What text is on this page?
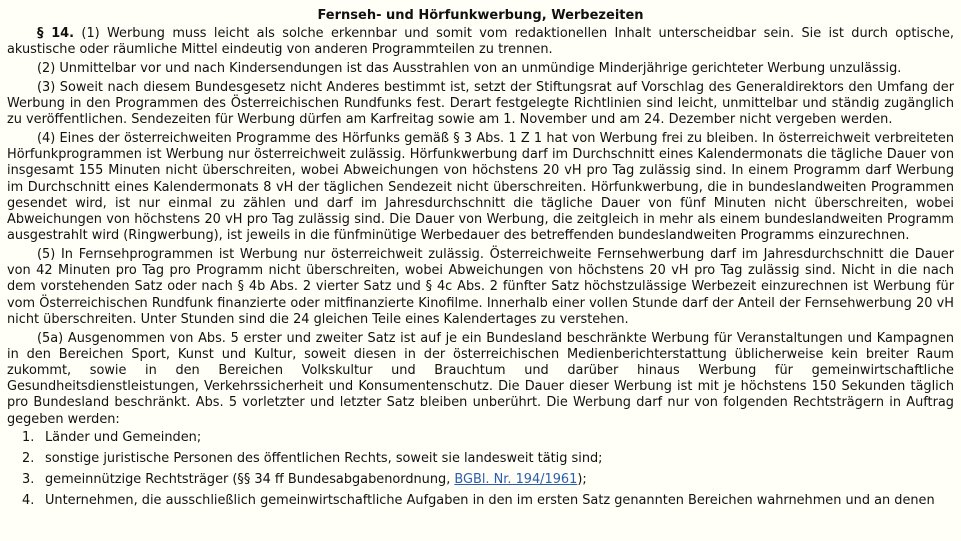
Fernseh- und Hörfunkwerbung, Werbezeiten

§ 14. (1) Werbung muss leicht als solche erkennbar und somit vom redaktionellen Inhalt unterscheidbar sein. Sie ist durch optische, akustische oder räumliche Mittel eindeutig von anderen Programmteilen zu trennen.

(2) Unmittelbar vor und nach Kindersendungen ist das Ausstrahlen von an unmündige Minderjährige gerichteter Werbung unzulässig.

(3) Soweit nach diesem Bundesgesetz nicht Anderes bestimmt ist, setzt der Stiftungsrat auf Vorschlag des Generaldirektors den Umfang der Werbung in den Programmen des Österreichischen Rundfunks fest. Derart festgelegte Richtlinien sind leicht, unmittelbar und ständig zugänglich zu veröffentlichen. Sendezeiten für Werbung dürfen am Karfreitag sowie am 1. November und am 24. Dezember nicht vergeben werden.

(4) Eines der österreichweiten Programme des Hörfunks gemäß § 3 Abs. 1 Z 1 hat von Werbung frei zu bleiben. In österreichweit verbreiteten Hörfunkprogrammen ist Werbung nur österreichweit zulässig. Hörfunkwerbung darf im Durchschnitt eines Kalendermonats die tägliche Dauer von insgesamt 155 Minuten nicht überschreiten, wobei Abweichungen von höchstens 20 vH pro Tag zulässig sind. In einem Programm darf Werbung im Durchschnitt eines Kalendermonats 8 vH der täglichen Sendezeit nicht überschreiten. Hörfunkwerbung, die in bundeslandweiten Programmen gesendet wird, ist nur einmal zu zählen und darf im Jahresdurchschnitt die tägliche Dauer von fünf Minuten nicht überschreiten, wobei Abweichungen von höchstens 20 vH pro Tag zulässig sind. Die Dauer von Werbung, die zeitgleich in mehr als einem bundeslandweiten Programm ausgestrahlt wird (Ringwerbung), ist jeweils in die fünfminütige Werbedauer des betreffenden bundeslandweiten Programms einzurechnen.

(5) In Fernsehprogrammen ist Werbung nur österreichweit zulässig. Österreichweite Fernsehwerbung darf im Jahresdurchschnitt die Dauer von 42 Minuten pro Tag pro Programm nicht überschreiten, wobei Abweichungen von höchstens 20 vH pro Tag zulässig sind. Nicht in die nach dem vorstehenden Satz oder nach § 4b Abs. 2 vierter Satz und § 4c Abs. 2 fünfter Satz höchstzulässige Werbezeit einzurechnen ist Werbung für vom Österreichischen Rundfunk finanzierte oder mitfinanzierte Kinofilme. Innerhalb einer vollen Stunde darf der Anteil der Fernsehwerbung 20 vH nicht überschreiten. Unter Stunden sind die 24 gleichen Teile eines Kalendertages zu verstehen.

(5a) Ausgenommen von Abs. 5 erster und zweiter Satz ist auf je ein Bundesland beschränkte Werbung für Veranstaltungen und Kampagnen in den Bereichen Sport, Kunst und Kultur, soweit diesen in der österreichischen Medienberichterstattung üblicherweise kein breiter Raum zukommt, sowie in den Bereichen Volkskultur und Brauchtum und darüber hinaus Werbung für gemeinwirtschaftliche Gesundheitsdienstleistungen, Verkehrssicherheit und Konsumentenschutz. Die Dauer dieser Werbung ist mit je höchstens 150 Sekunden täglich pro Bundesland beschränkt. Abs. 5 vorletzter und letzter Satz bleiben unberührt. Die Werbung darf nur von folgenden Rechtsträgern in Auftrag gegeben werden:

1. Länder und Gemeinden;
2. sonstige juristische Personen des öffentlichen Rechts, soweit sie landesweit tätig sind;
3. gemeinnützige Rechtsträger (§§ 34 ff Bundesabgabenordnung, BGBl. Nr. 194/1961);
4. Unternehmen, die ausschließlich gemeinwirtschaftliche Aufgaben in den im ersten Satz genannten Bereichen wahrnehmen und an denen
